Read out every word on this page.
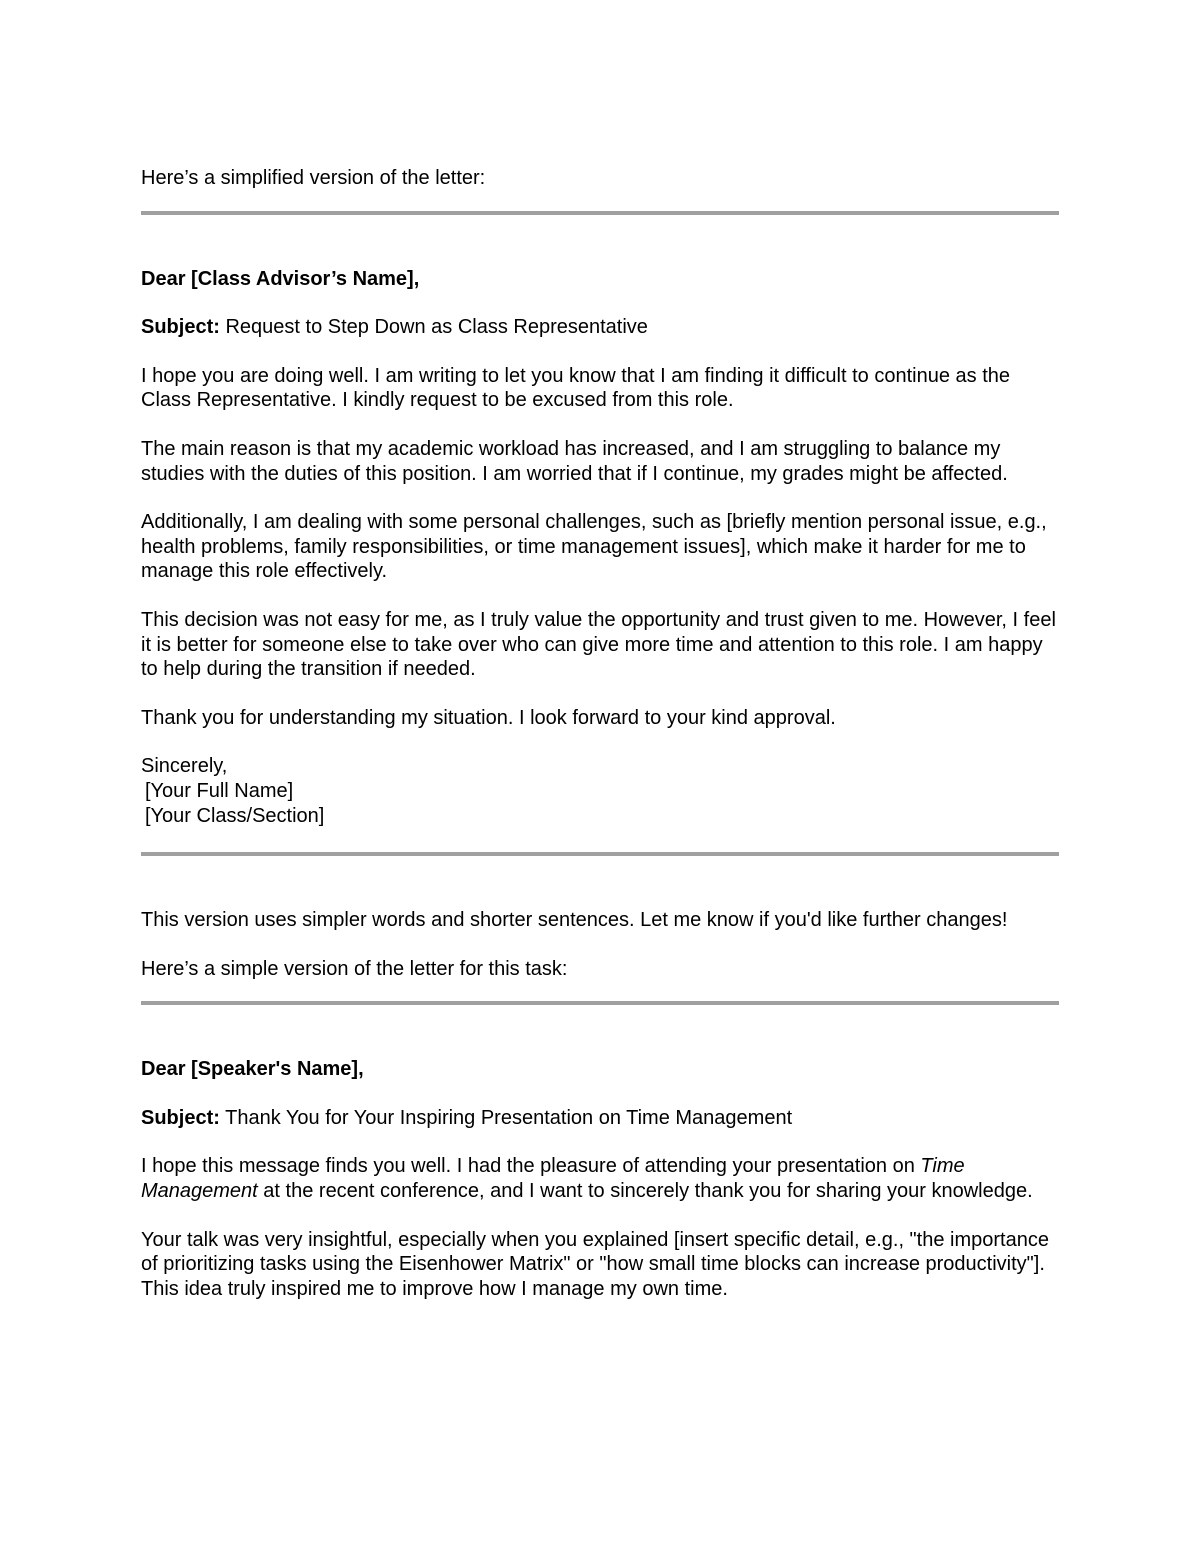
Here’s a simplified version of the letter:

Dear [Class Advisor’s Name],

Subject: Request to Step Down as Class Representative

I hope you are doing well. I am writing to let you know that I am finding it difficult to continue as the Class Representative. I kindly request to be excused from this role.

The main reason is that my academic workload has increased, and I am struggling to balance my studies with the duties of this position. I am worried that if I continue, my grades might be affected.

Additionally, I am dealing with some personal challenges, such as [briefly mention personal issue, e.g., health problems, family responsibilities, or time management issues], which make it harder for me to manage this role effectively.

This decision was not easy for me, as I truly value the opportunity and trust given to me. However, I feel it is better for someone else to take over who can give more time and attention to this role. I am happy to help during the transition if needed.

Thank you for understanding my situation. I look forward to your kind approval.

Sincerely,
[Your Full Name]
[Your Class/Section]

This version uses simpler words and shorter sentences. Let me know if you'd like further changes!

Here’s a simple version of the letter for this task:

Dear [Speaker's Name],

Subject: Thank You for Your Inspiring Presentation on Time Management

I hope this message finds you well. I had the pleasure of attending your presentation on Time Management at the recent conference, and I want to sincerely thank you for sharing your knowledge.

Your talk was very insightful, especially when you explained [insert specific detail, e.g., "the importance of prioritizing tasks using the Eisenhower Matrix" or "how small time blocks can increase productivity"]. This idea truly inspired me to improve how I manage my own time.
